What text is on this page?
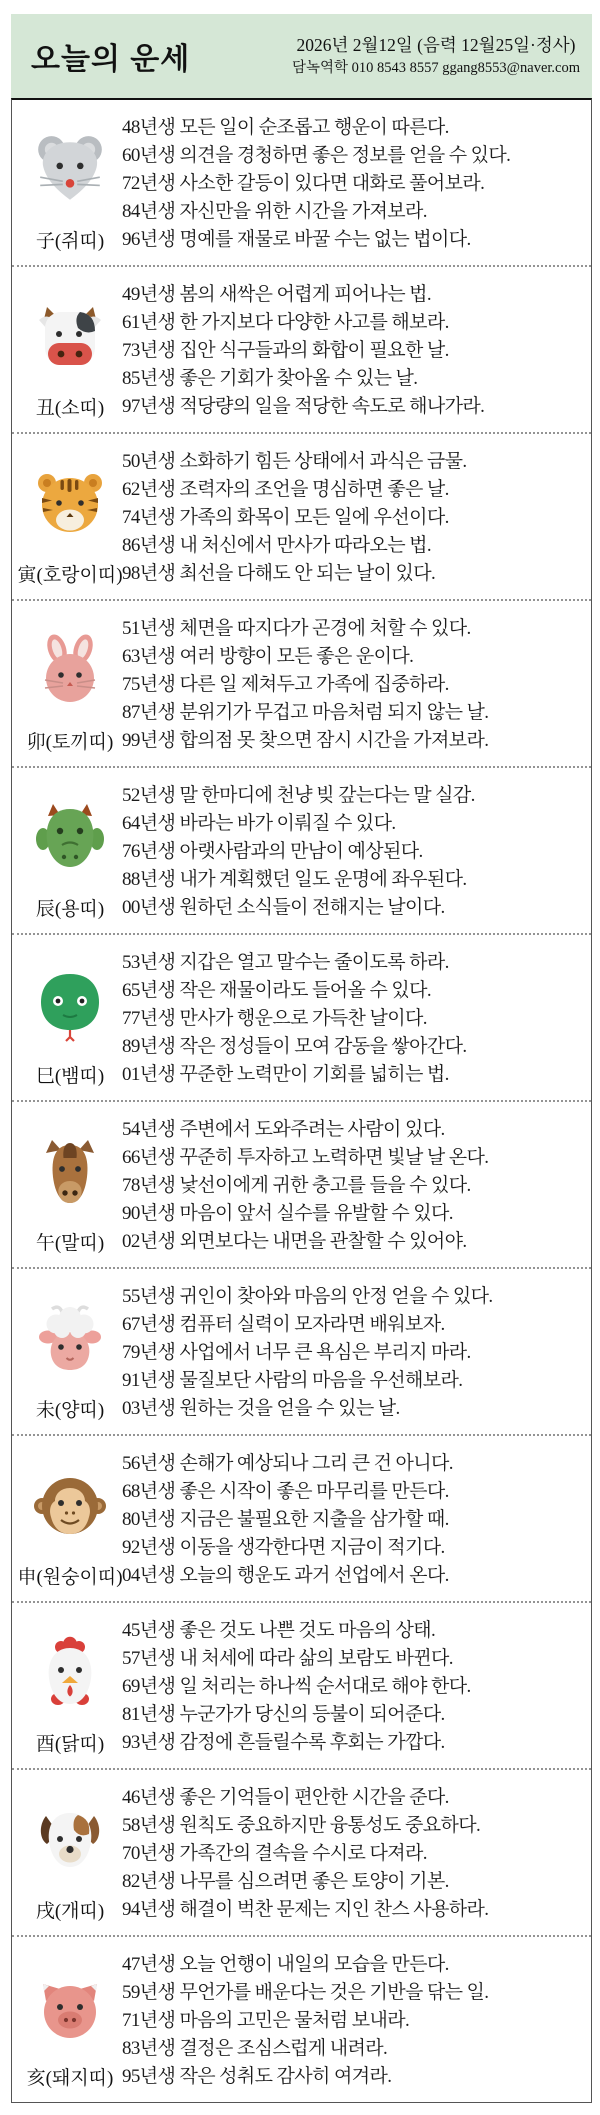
오늘의 운세	2026년 2월12일 (음력 12월25일·정사)
담녹역학 010 8543 8557 ggang8553@naver.com
子(쥐띠)
48년생 모든 일이 순조롭고 행운이 따른다.
60년생 의견을 경청하면 좋은 정보를 얻을 수 있다.
72년생 사소한 갈등이 있다면 대화로 풀어보라.
84년생 자신만을 위한 시간을 가져보라.
96년생 명예를 재물로 바꿀 수는 없는 법이다.
丑(소띠)
49년생 봄의 새싹은 어렵게 피어나는 법.
61년생 한 가지보다 다양한 사고를 해보라.
73년생 집안 식구들과의 화합이 필요한 날.
85년생 좋은 기회가 찾아올 수 있는 날.
97년생 적당량의 일을 적당한 속도로 해나가라.
寅(호랑이띠)
50년생 소화하기 힘든 상태에서 과식은 금물.
62년생 조력자의 조언을 명심하면 좋은 날.
74년생 가족의 화목이 모든 일에 우선이다.
86년생 내 처신에서 만사가 따라오는 법.
98년생 최선을 다해도 안 되는 날이 있다.
卯(토끼띠)
51년생 체면을 따지다가 곤경에 처할 수 있다.
63년생 여러 방향이 모든 좋은 운이다.
75년생 다른 일 제쳐두고 가족에 집중하라.
87년생 분위기가 무겁고 마음처럼 되지 않는 날.
99년생 합의점 못 찾으면 잠시 시간을 가져보라.
辰(용띠)
52년생 말 한마디에 천냥 빚 갚는다는 말 실감.
64년생 바라는 바가 이뤄질 수 있다.
76년생 아랫사람과의 만남이 예상된다.
88년생 내가 계획했던 일도 운명에 좌우된다.
00년생 원하던 소식들이 전해지는 날이다.
巳(뱀띠)
53년생 지갑은 열고 말수는 줄이도록 하라.
65년생 작은 재물이라도 들어올 수 있다.
77년생 만사가 행운으로 가득찬 날이다.
89년생 작은 정성들이 모여 감동을 쌓아간다.
01년생 꾸준한 노력만이 기회를 넓히는 법.
午(말띠)
54년생 주변에서 도와주려는 사람이 있다.
66년생 꾸준히 투자하고 노력하면 빛날 날 온다.
78년생 낯선이에게 귀한 충고를 들을 수 있다.
90년생 마음이 앞서 실수를 유발할 수 있다.
02년생 외면보다는 내면을 관찰할 수 있어야.
未(양띠)
55년생 귀인이 찾아와 마음의 안정 얻을 수 있다.
67년생 컴퓨터 실력이 모자라면 배워보자.
79년생 사업에서 너무 큰 욕심은 부리지 마라.
91년생 물질보단 사람의 마음을 우선해보라.
03년생 원하는 것을 얻을 수 있는 날.
申(원숭이띠)
56년생 손해가 예상되나 그리 큰 건 아니다.
68년생 좋은 시작이 좋은 마무리를 만든다.
80년생 지금은 불필요한 지출을 삼가할 때.
92년생 이동을 생각한다면 지금이 적기다.
04년생 오늘의 행운도 과거 선업에서 온다.
酉(닭띠)
45년생 좋은 것도 나쁜 것도 마음의 상태.
57년생 내 처세에 따라 삶의 보람도 바뀐다.
69년생 일 처리는 하나씩 순서대로 해야 한다.
81년생 누군가가 당신의 등불이 되어준다.
93년생 감정에 흔들릴수록 후회는 가깝다.
戌(개띠)
46년생 좋은 기억들이 편안한 시간을 준다.
58년생 원칙도 중요하지만 융통성도 중요하다.
70년생 가족간의 결속을 수시로 다져라.
82년생 나무를 심으려면 좋은 토양이 기본.
94년생 해결이 벅찬 문제는 지인 찬스 사용하라.
亥(돼지띠)
47년생 오늘 언행이 내일의 모습을 만든다.
59년생 무언가를 배운다는 것은 기반을 닦는 일.
71년생 마음의 고민은 물처럼 보내라.
83년생 결정은 조심스럽게 내려라.
95년생 작은 성취도 감사히 여겨라.
